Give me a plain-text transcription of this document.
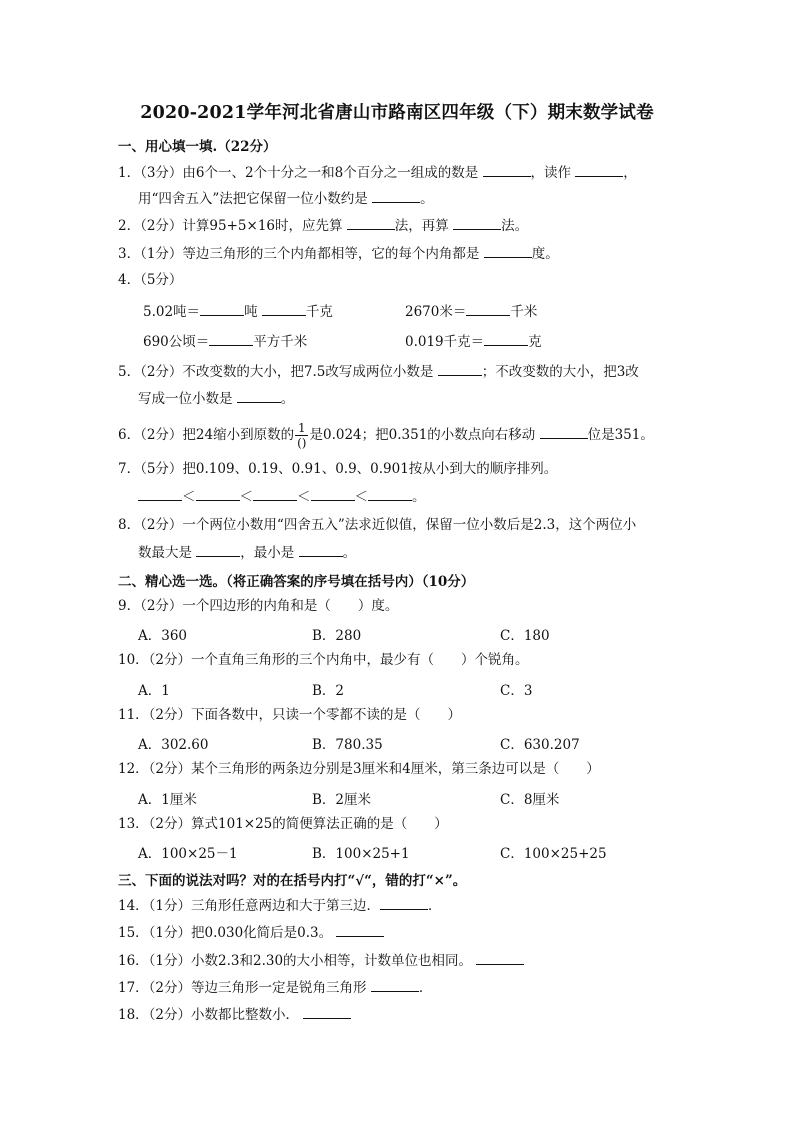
2020-2021学年河北省唐山市路南区四年级（下）期末数学试卷
一、用心填一填.（22分）
1．（3分）由6个一、2个十分之一和8个百分之一组成的数是	，读作	，
用“四舍五入”法把它保留一位小数约是	。
2．（2分）计算95+5×16时，应先算	法，再算	法。
3．（1分）等边三角形的三个内角都相等，它的每个内角都是	度。
4．（5分）
5.02吨＝	吨	千克	2670米＝	千米
690公顷＝	平方千米	0.019千克＝	克
5．（2分）不改变数的大小，把7.5改写成两位小数是	；不改变数的大小，把3改
写成一位小数是	。
6．（2分）把24缩小到原数的 $\frac{1}{()}$ 是0.024；把0.351的小数点向右移动	位是351。
7．（5分）把0.109、0.19、0.91、0.9、0.901按从小到大的顺序排列。
＜	＜	＜	＜	。
8．（2分）一个两位小数用“四舍五入”法求近似值，保留一位小数后是2.3，这个两位小
数最大是	，最小是	。
二、精心选一选。（将正确答案的序号填在括号内）（10分）
9．（2分）一个四边形的内角和是（　　）度。
A．360	B．280	C．180
10．（2分）一个直角三角形的三个内角中，最少有（　　）个锐角。
A．1	B．2	C．3
11．（2分）下面各数中，只读一个零都不读的是（　　）
A．302.60	B．780.35	C．630.207
12．（2分）某个三角形的两条边分别是3厘米和4厘米，第三条边可以是（　　）
A．1厘米	B．2厘米	C．8厘米
13．（2分）算式101×25的简便算法正确的是（　　）
A．100×25－1	B．100×25+1	C．100×25+25
三、下面的说法对吗？对的在括号内打“√“，错的打“×”。
14．（1分）三角形任意两边和大于第三边．	．
15．（1分）把0.030化简后是0.3。
16．（1分）小数2.3和2.30的大小相等，计数单位也相同。
17．（2分）等边三角形一定是锐角三角形	．
18．（2分）小数都比整数小．
